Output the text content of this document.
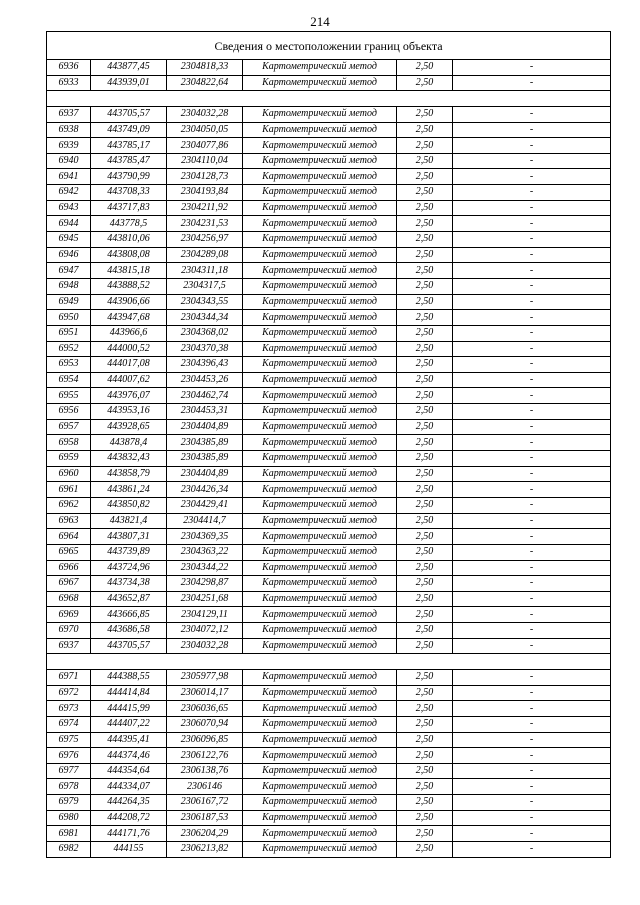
214
Сведения о местоположении границ объекта					
6936	443877,45	2304818,33	Картометрический метод	2,50	-
6933	443939,01	2304822,64	Картометрический метод	2,50	-

6937	443705,57	2304032,28	Картометрический метод	2,50	-
6938	443749,09	2304050,05	Картометрический метод	2,50	-
6939	443785,17	2304077,86	Картометрический метод	2,50	-
6940	443785,47	2304110,04	Картометрический метод	2,50	-
6941	443790,99	2304128,73	Картометрический метод	2,50	-
6942	443708,33	2304193,84	Картометрический метод	2,50	-
6943	443717,83	2304211,92	Картометрический метод	2,50	-
6944	443778,5	2304231,53	Картометрический метод	2,50	-
6945	443810,06	2304256,97	Картометрический метод	2,50	-
6946	443808,08	2304289,08	Картометрический метод	2,50	-
6947	443815,18	2304311,18	Картометрический метод	2,50	-
6948	443888,52	2304317,5	Картометрический метод	2,50	-
6949	443906,66	2304343,55	Картометрический метод	2,50	-
6950	443947,68	2304344,34	Картометрический метод	2,50	-
6951	443966,6	2304368,02	Картометрический метод	2,50	-
6952	444000,52	2304370,38	Картометрический метод	2,50	-
6953	444017,08	2304396,43	Картометрический метод	2,50	-
6954	444007,62	2304453,26	Картометрический метод	2,50	-
6955	443976,07	2304462,74	Картометрический метод	2,50	-
6956	443953,16	2304453,31	Картометрический метод	2,50	-
6957	443928,65	2304404,89	Картометрический метод	2,50	-
6958	443878,4	2304385,89	Картометрический метод	2,50	-
6959	443832,43	2304385,89	Картометрический метод	2,50	-
6960	443858,79	2304404,89	Картометрический метод	2,50	-
6961	443861,24	2304426,34	Картометрический метод	2,50	-
6962	443850,82	2304429,41	Картометрический метод	2,50	-
6963	443821,4	2304414,7	Картометрический метод	2,50	-
6964	443807,31	2304369,35	Картометрический метод	2,50	-
6965	443739,89	2304363,22	Картометрический метод	2,50	-
6966	443724,96	2304344,22	Картометрический метод	2,50	-
6967	443734,38	2304298,87	Картометрический метод	2,50	-
6968	443652,87	2304251,68	Картометрический метод	2,50	-
6969	443666,85	2304129,11	Картометрический метод	2,50	-
6970	443686,58	2304072,12	Картометрический метод	2,50	-
6937	443705,57	2304032,28	Картометрический метод	2,50	-

6971	444388,55	2305977,98	Картометрический метод	2,50	-
6972	444414,84	2306014,17	Картометрический метод	2,50	-
6973	444415,99	2306036,65	Картометрический метод	2,50	-
6974	444407,22	2306070,94	Картометрический метод	2,50	-
6975	444395,41	2306096,85	Картометрический метод	2,50	-
6976	444374,46	2306122,76	Картометрический метод	2,50	-
6977	444354,64	2306138,76	Картометрический метод	2,50	-
6978	444334,07	2306146	Картометрический метод	2,50	-
6979	444264,35	2306167,72	Картометрический метод	2,50	-
6980	444208,72	2306187,53	Картометрический метод	2,50	-
6981	444171,76	2306204,29	Картометрический метод	2,50	-
6982	444155	2306213,82	Картометрический метод	2,50	-
